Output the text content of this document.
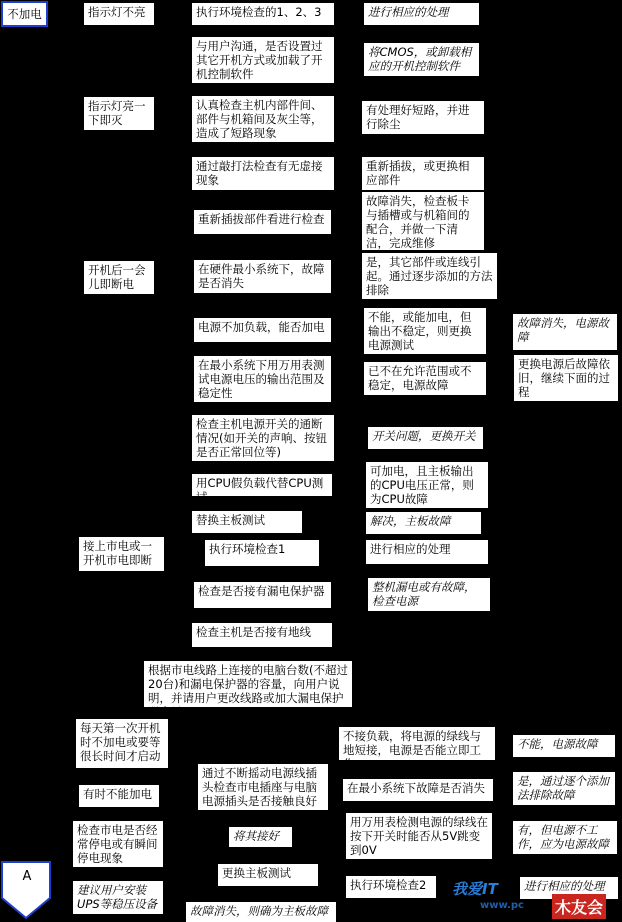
不加电	指示灯不亮
指示灯亮一下即灭
开机后一会儿即断电
接上市电或一开机市电即断
每天第一次开机时不加电或要等很长时间才启动
有时不能加电
检查市电是否经常停电或有瞬间停电现象
建议用户安装UPS等稳压设备
执行环境检查的1、2、3
与用户沟通，是否设置过其它开机方式或加载了开机控制软件
认真检查主机内部件间、部件与机箱间及灰尘等，造成了短路现象
通过敲打法检查有无虚接现象
重新插拔部件看进行检查
在硬件最小系统下，故障是否消失
电源不加负载，能否加电
在最小系统下用万用表测试电源电压的输出范围及稳定性
检查主机电源开关的通断情况(如开关的声响、按钮是否正常回位等)
用CPU假负载代替CPU测试
替换主板测试
执行环境检查1
检查是否接有漏电保护器
检查主机是否接有地线
根据市电线路上连接的电脑台数(不超过20台)和漏电保护器的容量，向用户说明，并请用户更改线路或加大漏电保护器容量
通过不断摇动电源线插头检查市电插座与电脑电源插头是否接触良好
将其接好
更换主板测试
故障消失，则确为主板故障
进行相应的处理
将CMOS，或卸载相应的开机控制软件
有处理好短路，并进行除尘
重新插拔，或更换相应部件
故障消失，检查板卡与插槽或与机箱间的配合，并做一下清洁，完成维修
是，其它部件或连线引起。通过逐步添加的方法排除
不能，或能加电，但输出不稳定，则更换电源测试
已不在允许范围或不稳定，电源故障
开关问题，更换开关
可加电，且主板输出的CPU电压正常，则为CPU故障
解决，主板故障
进行相应的处理
整机漏电或有故障，检查电源
不接负载，将电源的绿线与地短接，电源是否能立即工作
在最小系统下故障是否消失
用万用表检测电源的绿线在按下开关时能否从5V跳变到0V
执行环境检查2
故障消失，电源故障
更换电源后故障依旧，继续下面的过程
不能，电源故障
是，通过逐个添加法排除故障
有，但电源不工作，应为电源故障
进行相应的处理
A
我爱IT
www.pc 木友会
